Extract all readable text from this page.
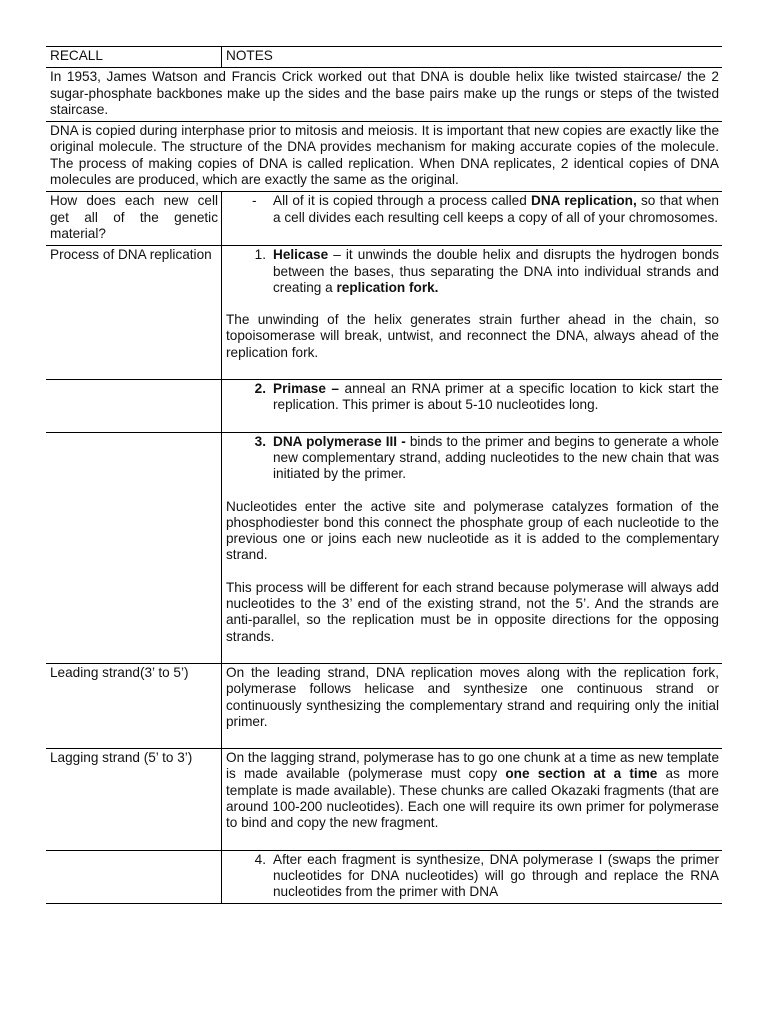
RECALL	NOTES
In 1953, James Watson and Francis Crick worked out that DNA is double helix like twisted staircase/ the 2 sugar-phosphate backbones make up the sides and the base pairs make up the rungs or steps of the twisted staircase.	
DNA is copied during interphase prior to mitosis and meiosis. It is important that new copies are exactly like the original molecule. The structure of the DNA provides mechanism for making accurate copies of the molecule. The process of making copies of DNA is called replication. When DNA replicates, 2 identical copies of DNA molecules are produced, which are exactly the same as the original.	
How does each new cell get all of the genetic material?	- All of it is copied through a process called DNA replication, so that when a cell divides each resulting cell keeps a copy of all of your chromosomes.

Process of DNA replication	1. Helicase – it unwinds the double helix and disrupts the hydrogen bonds between the bases, thus separating the DNA into individual strands and creating a replication fork.

The unwinding of the helix generates strain further ahead in the chain, so topoisomerase will break, untwist, and reconnect the DNA, always ahead of the replication fork.

	2. Primase – anneal an RNA primer at a specific location to kick start the replication. This primer is about 5-10 nucleotides long.

	3. DNA polymerase III - binds to the primer and begins to generate a whole new complementary strand, adding nucleotides to the new chain that was initiated by the primer.

Nucleotides enter the active site and polymerase catalyzes formation of the phosphodiester bond this connect the phosphate group of each nucleotide to the previous one or joins each new nucleotide as it is added to the complementary strand.

This process will be different for each strand because polymerase will always add nucleotides to the 3’ end of the existing strand, not the 5’. And the strands are anti-parallel, so the replication must be in opposite directions for the opposing strands.

Leading strand(3’ to 5’)	On the leading strand, DNA replication moves along with the replication fork, polymerase follows helicase and synthesize one continuous strand or continuously synthesizing the complementary strand and requiring only the initial primer.

Lagging strand (5’ to 3’)	On the lagging strand, polymerase has to go one chunk at a time as new template is made available (polymerase must copy one section at a time as more template is made available). These chunks are called Okazaki fragments (that are around 100-200 nucleotides). Each one will require its own primer for polymerase to bind and copy the new fragment.

	4. After each fragment is synthesize, DNA polymerase I (swaps the primer nucleotides for DNA nucleotides) will go through and replace the RNA nucleotides from the primer with DNA
